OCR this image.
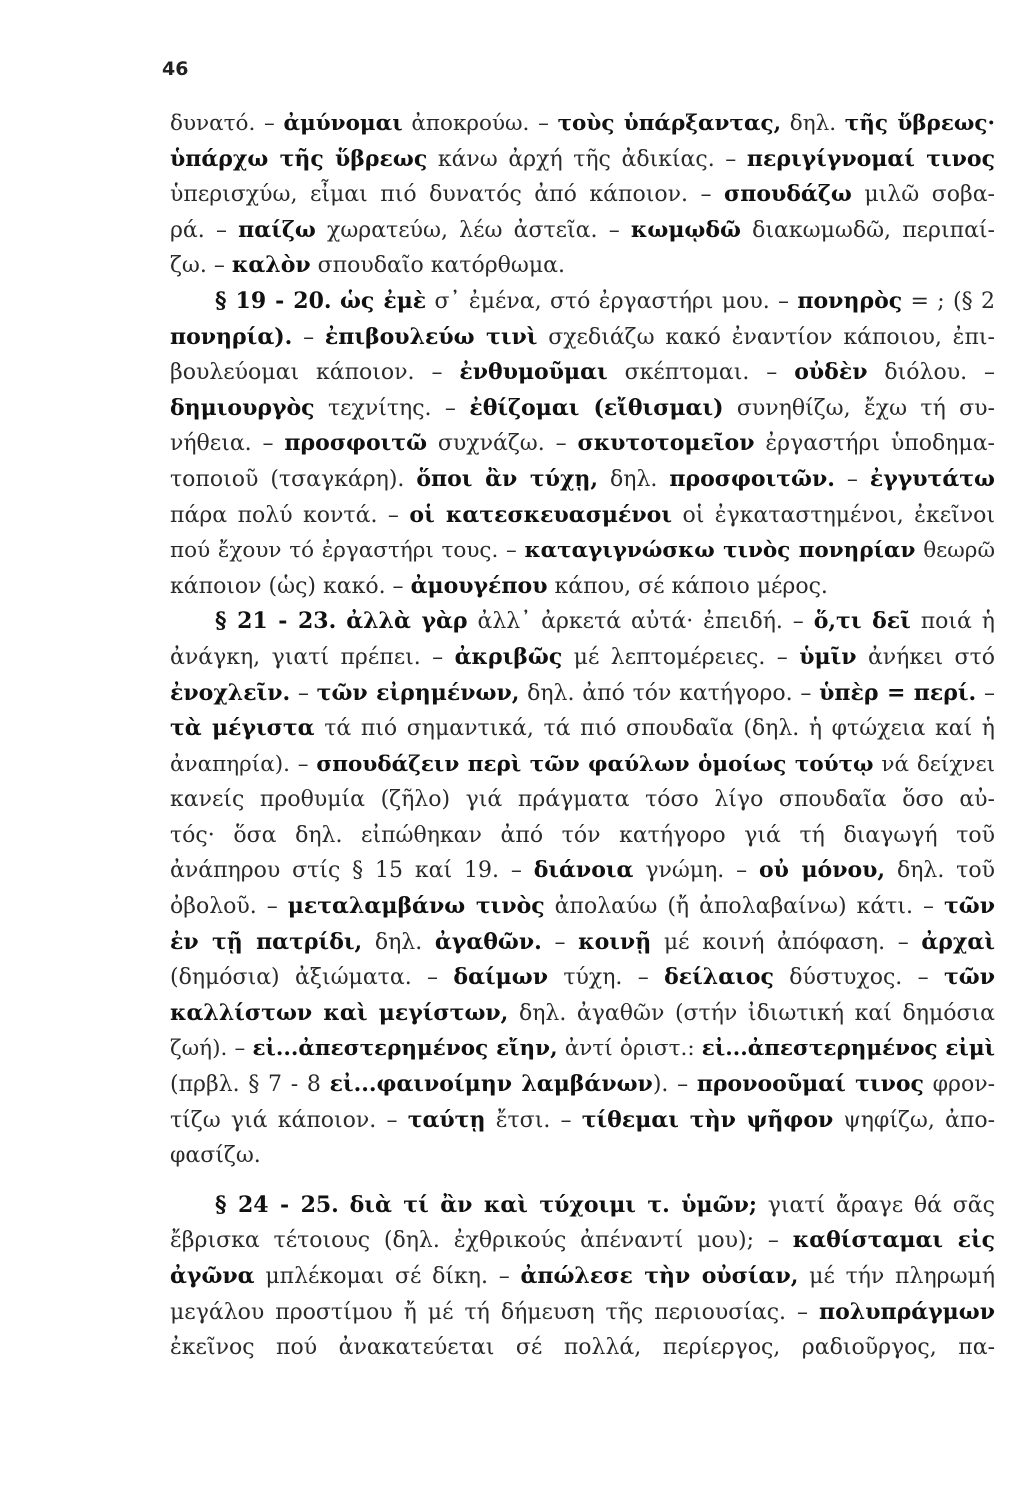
46
δυνατό. – ἀμύνομαι ἀποκρούω. – τοὺς ὑπάρξαντας, δηλ. τῆς ὕβρεως·
ὑπάρχω τῆς ὕβρεως κάνω ἀρχή τῆς ἀδικίας. – περιγίγνομαί τινος
ὑπερισχύω, εἶμαι πιό δυνατός ἀπό κάποιον. – σπουδάζω μιλῶ σοβα-
ρά. – παίζω χωρατεύω, λέω ἀστεῖα. – κωμῳδῶ διακωμωδῶ, περιπαί-
ζω. – καλὸν σπουδαῖο κατόρθωμα.
§ 19 - 20. ὡς ἐμὲ σ᾽ ἐμένα, στό ἐργαστήρι μου. – πονηρὸς = ; (§ 2
πονηρία). – ἐπιβουλεύω τινὶ σχεδιάζω κακό ἐναντίον κάποιου, ἐπι-
βουλεύομαι κάποιον. – ἐνθυμοῦμαι σκέπτομαι. – οὐδὲν διόλου. –
δημιουργὸς τεχνίτης. – ἐθίζομαι (εἴθισμαι) συνηθίζω, ἔχω τή συ-
νήθεια. – προσφοιτῶ συχνάζω. – σκυτοτομεῖον ἐργαστήρι ὑποδημα-
τοποιοῦ (τσαγκάρη). ὅποι ἂν τύχῃ, δηλ. προσφοιτῶν. – ἐγγυτάτω
πάρα πολύ κοντά. – οἱ κατεσκευασμένοι οἱ ἐγκαταστημένοι, ἐκεῖνοι
πού ἔχουν τό ἐργαστήρι τους. – καταγιγνώσκω τινὸς πονηρίαν θεωρῶ
κάποιον (ὡς) κακό. – ἀμουγέπου κάπου, σέ κάποιο μέρος.
§ 21 - 23. ἀλλὰ γὰρ ἀλλ᾽ ἀρκετά αὐτά· ἐπειδή. – ὅ,τι δεῖ ποιά ἡ
ἀνάγκη, γιατί πρέπει. – ἀκριβῶς μέ λεπτομέρειες. – ὑμῖν ἀνήκει στό
ἐνοχλεῖν. – τῶν εἰρημένων, δηλ. ἀπό τόν κατήγορο. – ὑπὲρ = περί. –
τὰ μέγιστα τά πιό σημαντικά, τά πιό σπουδαῖα (δηλ. ἡ φτώχεια καί ἡ
ἀναπηρία). – σπουδάζειν περὶ τῶν φαύλων ὁμοίως τούτῳ νά δείχνει
κανείς προθυμία (ζῆλο) γιά πράγματα τόσο λίγο σπουδαῖα ὅσο αὐ-
τός· ὅσα δηλ. εἰπώθηκαν ἀπό τόν κατήγορο γιά τή διαγωγή τοῦ
ἀνάπηρου στίς § 15 καί 19. – διάνοια γνώμη. – οὐ μόνου, δηλ. τοῦ
ὀβολοῦ. – μεταλαμβάνω τινὸς ἀπολαύω (ἤ ἀπολαβαίνω) κάτι. – τῶν
ἐν τῇ πατρίδι, δηλ. ἀγαθῶν. – κοινῇ μέ κοινή ἀπόφαση. – ἀρχαὶ
(δημόσια) ἀξιώματα. – δαίμων τύχη. – δείλαιος δύστυχος. – τῶν
καλλίστων καὶ μεγίστων, δηλ. ἀγαθῶν (στήν ἰδιωτική καί δημόσια
ζωή). – εἰ...ἀπεστερημένος εἴην, ἀντί ὁριστ.: εἰ...ἀπεστερημένος εἰμὶ
(πρβλ. § 7 - 8 εἰ...φαινοίμην λαμβάνων). – προνοοῦμαί τινος φρον-
τίζω γιά κάποιον. – ταύτῃ ἔτσι. – τίθεμαι τὴν ψῆφον ψηφίζω, ἀπο-
φασίζω.
§ 24 - 25. διὰ τί ἂν καὶ τύχοιμι τ. ὑμῶν; γιατί ἄραγε θά σᾶς
ἔβρισκα τέτοιους (δηλ. ἐχθρικούς ἀπέναντί μου); – καθίσταμαι εἰς
ἀγῶνα μπλέκομαι σέ δίκη. – ἀπώλεσε τὴν οὐσίαν, μέ τήν πληρωμή
μεγάλου προστίμου ἤ μέ τή δήμευση τῆς περιουσίας. – πολυπράγμων
ἐκεῖνος πού ἀνακατεύεται σέ πολλά, περίεργος, ραδιοῦργος, πα-
